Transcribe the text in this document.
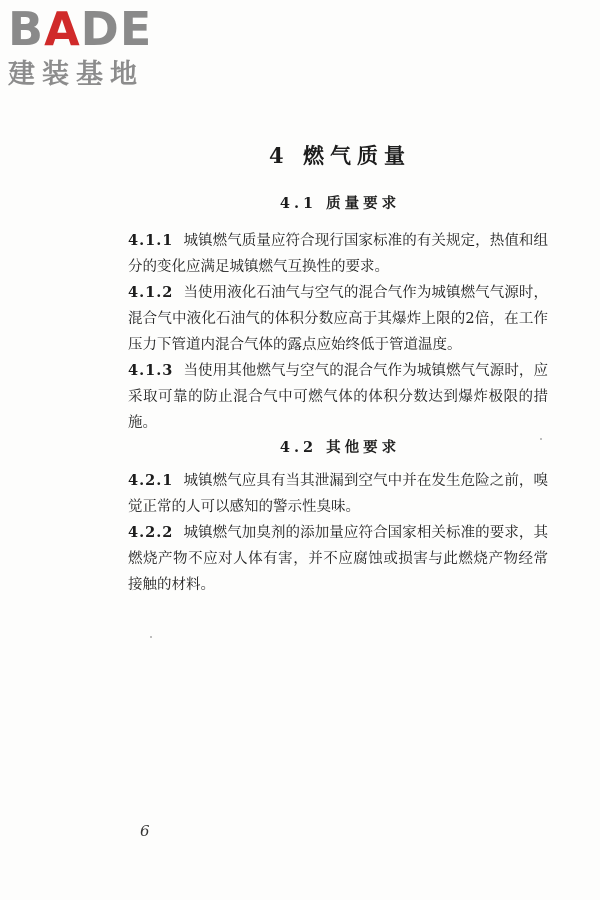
BADE
建装基地
4 燃气质量
4.1 质量要求
4.1.1 城镇燃气质量应符合现行国家标准的有关规定，热值和组分的变化应满足城镇燃气互换性的要求。
4.1.2 当使用液化石油气与空气的混合气作为城镇燃气气源时，混合气中液化石油气的体积分数应高于其爆炸上限的2倍，在工作压力下管道内混合气体的露点应始终低于管道温度。
4.1.3 当使用其他燃气与空气的混合气作为城镇燃气气源时，应采取可靠的防止混合气中可燃气体的体积分数达到爆炸极限的措施。
4.2 其他要求
4.2.1 城镇燃气应具有当其泄漏到空气中并在发生危险之前，嗅觉正常的人可以感知的警示性臭味。
4.2.2 城镇燃气加臭剂的添加量应符合国家相关标准的要求，其燃烧产物不应对人体有害，并不应腐蚀或损害与此燃烧产物经常接触的材料。
6
